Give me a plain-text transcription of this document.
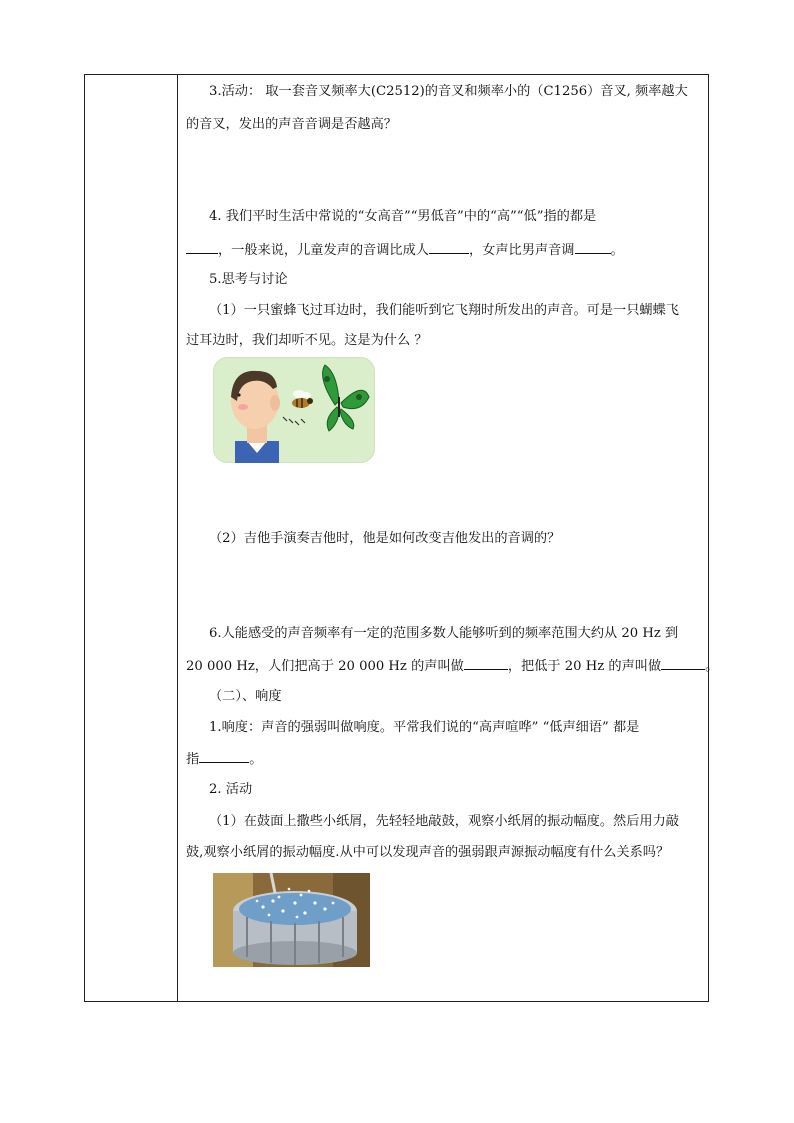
3.活动： 取一套音叉频率大(C2512)的音叉和频率小的（C1256）音叉, 频率越大
的音叉，发出的声音音调是否越高？
4. 我们平时生活中常说的“女高音”“男低音”中的“高”“低”指的都是
，一般来说，儿童发声的音调比成人	，女声比男声音调	。
5.思考与讨论
（1）一只蜜蜂飞过耳边时，我们能听到它飞翔时所发出的声音。可是一只蝴蝶飞
过耳边时，我们却听不见。这是为什么 ？
（2）吉他手演奏吉他时，他是如何改变吉他发出的音调的？
6.人能感受的声音频率有一定的范围多数人能够听到的频率范围大约从 20 Hz 到
20 000 Hz，人们把高于 20 000 Hz 的声叫做	，把低于 20 Hz 的声叫做	。
（二）、响度
1.响度：声音的强弱叫做响度。平常我们说的“高声喧哗” “低声细语” 都是
指	。
2. 活动
（1）在鼓面上撒些小纸屑，先轻轻地敲鼓，观察小纸屑的振动幅度。然后用力敲
鼓,观察小纸屑的振动幅度.从中可以发现声音的强弱跟声源振动幅度有什么关系吗？
